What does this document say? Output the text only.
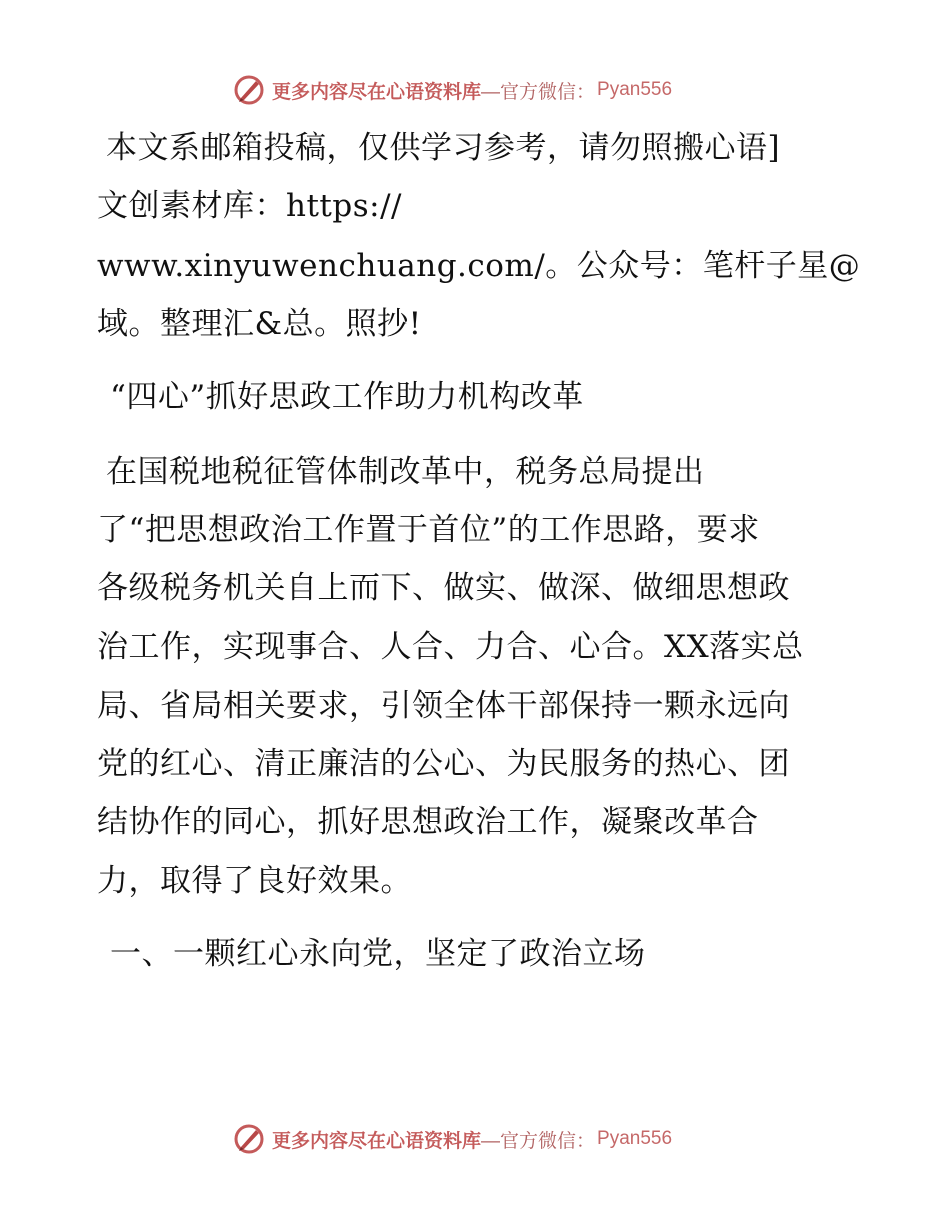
更多内容尽在心语资料库 —官方微信： Pyan556
本文系邮箱投稿，仅供学习参考，请勿照搬心语]
文创素材库：https://
www.xinyuwenchuang.com/。公众号：笔杆子星@
域。整理汇&总。照抄!
“四心”抓好思政工作助力机构改革
在国税地税征管体制改革中，税务总局提出
了“把思想政治工作置于首位”的工作思路，要求
各级税务机关自上而下、做实、做深、做细思想政
治工作，实现事合、人合、力合、心合。XX落实总
局、省局相关要求，引领全体干部保持一颗永远向
党的红心、清正廉洁的公心、为民服务的热心、团
结协作的同心，抓好思想政治工作，凝聚改革合
力，取得了良好效果。
一、一颗红心永向党，坚定了政治立场
更多内容尽在心语资料库 —官方微信： Pyan556
